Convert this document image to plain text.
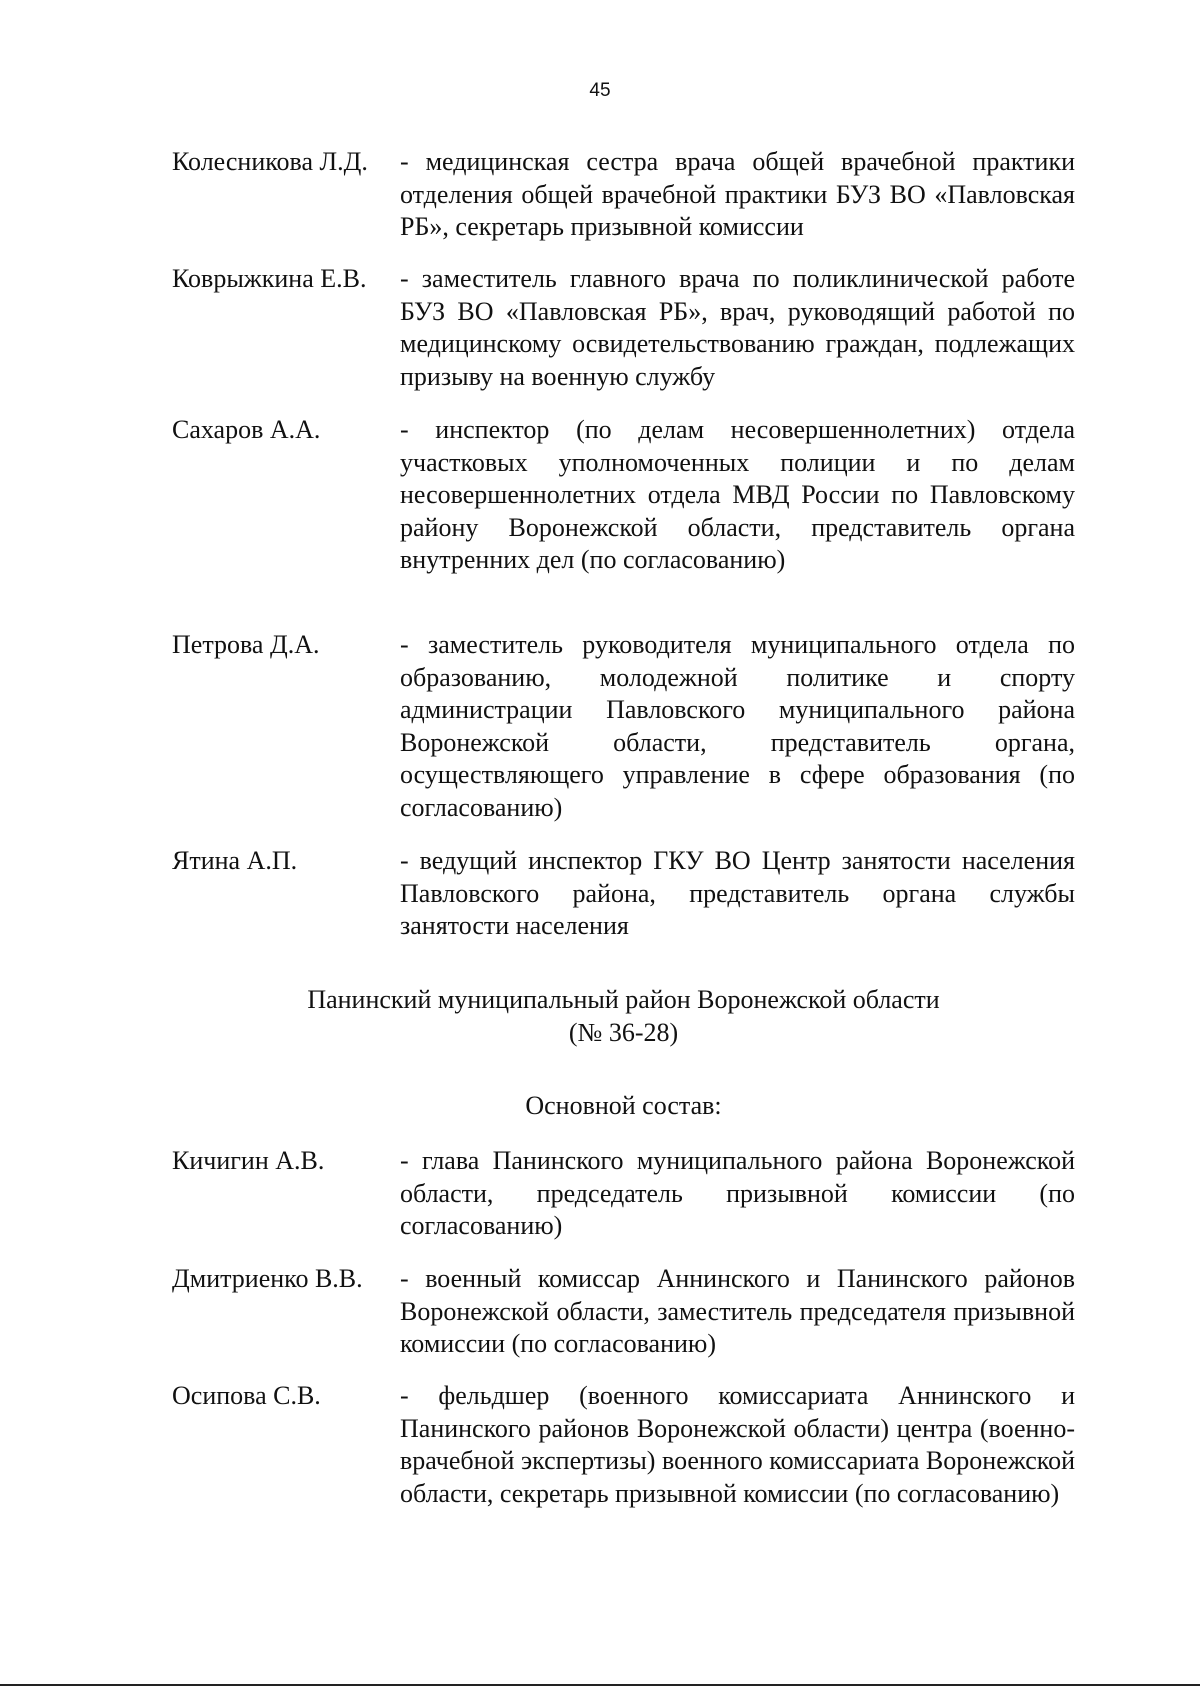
45
Колесникова Л.Д. - медицинская сестра врача общей врачебной практики отделения общей врачебной практики БУЗ ВО «Павловская РБ», секретарь призывной комиссии
Коврыжкина Е.В. - заместитель главного врача по поликлинической работе БУЗ ВО «Павловская РБ», врач, руководящий работой по медицинскому освидетельствованию граждан, подлежащих призыву на военную службу
Сахаров А.А.	- инспектор (по делам несовершеннолетних) отдела участковых уполномоченных полиции и по делам несовершеннолетних отдела МВД России по Павловскому району Воронежской области, представитель органа внутренних дел (по согласованию)
Петрова Д.А.	- заместитель руководителя муниципального отдела по образованию, молодежной политике и спорту администрации Павловского муниципального района Воронежской области, представитель органа, осуществляющего управление в сфере образования (по согласованию)
Ятина А.П.	- ведущий инспектор ГКУ ВО Центр занятости населения Павловского района, представитель органа службы занятости населения
Панинский муниципальный район Воронежской области
(№ 36-28)
Основной состав:
Кичигин А.В.	- глава Панинского муниципального района Воронежской области, председатель призывной комиссии (по согласованию)
Дмитриенко В.В. - военный комиссар Аннинского и Панинского районов Воронежской области, заместитель председателя призывной комиссии (по согласованию)
Осипова С.В.	- фельдшер (военного комиссариата Аннинского и Панинского районов Воронежской области) центра (военно-врачебной экспертизы) военного комиссариата Воронежской области, секретарь призывной комиссии (по согласованию)
